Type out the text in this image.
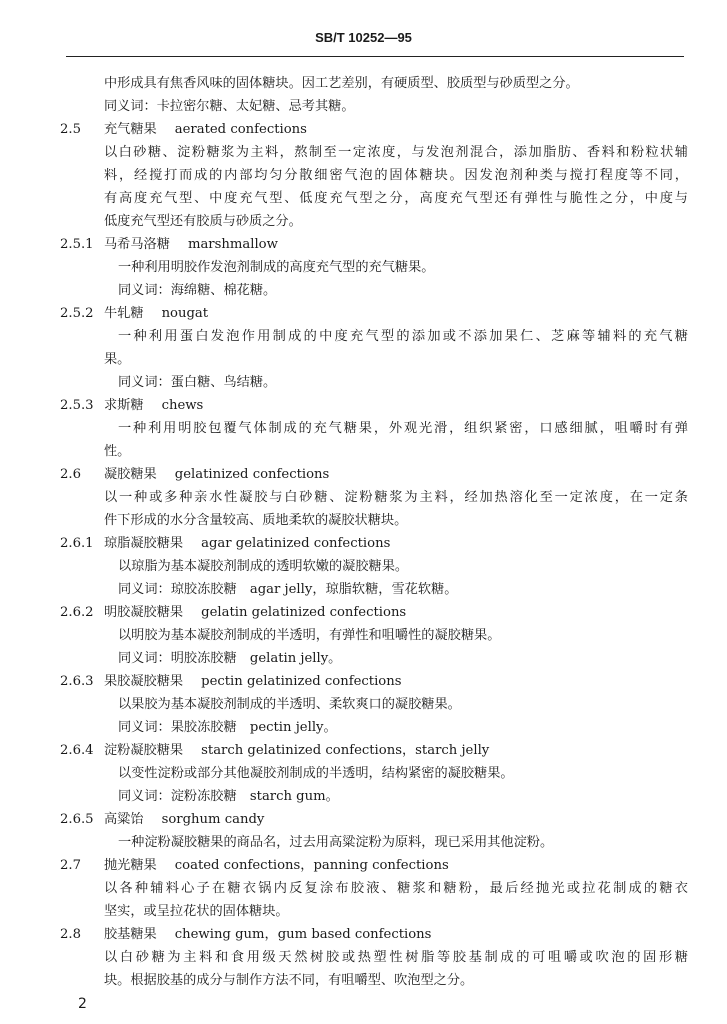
SB/T 10252—95
中形成具有焦香风味的固体糖块。因工艺差别，有硬质型、胶质型与砂质型之分。
同义词：卡拉密尔糖、太妃糖、忌考其糖。
2.5 充气糖果 aerated confections
以白砂糖、淀粉糖浆为主料，熬制至一定浓度，与发泡剂混合，添加脂肪、香料和粉粒状辅
料，经搅打而成的内部均匀分散细密气泡的固体糖块。因发泡剂种类与搅打程度等不同，
有高度充气型、中度充气型、低度充气型之分，高度充气型还有弹性与脆性之分，中度与
低度充气型还有胶质与砂质之分。
2.5.1 马希马洛糖 marshmallow
一种利用明胶作发泡剂制成的高度充气型的充气糖果。
同义词：海绵糖、棉花糖。
2.5.2 牛轧糖 nougat
一种利用蛋白发泡作用制成的中度充气型的添加或不添加果仁、芝麻等辅料的充气糖
果。
同义词：蛋白糖、鸟结糖。
2.5.3 求斯糖 chews
一种利用明胶包覆气体制成的充气糖果，外观光滑，组织紧密，口感细腻，咀嚼时有弹
性。
2.6 凝胶糖果 gelatinized confections
以一种或多种亲水性凝胶与白砂糖、淀粉糖浆为主料，经加热溶化至一定浓度，在一定条
件下形成的水分含量较高、质地柔软的凝胶状糖块。
2.6.1 琼脂凝胶糖果 agar gelatinized confections
以琼脂为基本凝胶剂制成的透明软嫩的凝胶糖果。
同义词：琼胶冻胶糖　agar jelly，琼脂软糖，雪花软糖。
2.6.2 明胶凝胶糖果 gelatin gelatinized confections
以明胶为基本凝胶剂制成的半透明，有弹性和咀嚼性的凝胶糖果。
同义词：明胶冻胶糖　gelatin jelly。
2.6.3 果胶凝胶糖果 pectin gelatinized confections
以果胶为基本凝胶剂制成的半透明、柔软爽口的凝胶糖果。
同义词：果胶冻胶糖　pectin jelly。
2.6.4 淀粉凝胶糖果 starch gelatinized confections，starch jelly
以变性淀粉或部分其他凝胶剂制成的半透明，结构紧密的凝胶糖果。
同义词：淀粉冻胶糖　starch gum。
2.6.5 高粱饴 sorghum candy
一种淀粉凝胶糖果的商品名，过去用高粱淀粉为原料，现已采用其他淀粉。
2.7 抛光糖果 coated confections，panning confections
以各种辅料心子在糖衣锅内反复涂布胶液、糖浆和糖粉，最后经抛光或拉花制成的糖衣
坚实，或呈拉花状的固体糖块。
2.8 胶基糖果 chewing gum，gum based confections
以白砂糖为主料和食用级天然树胶或热塑性树脂等胶基制成的可咀嚼或吹泡的固形糖
块。根据胶基的成分与制作方法不同，有咀嚼型、吹泡型之分。
2
